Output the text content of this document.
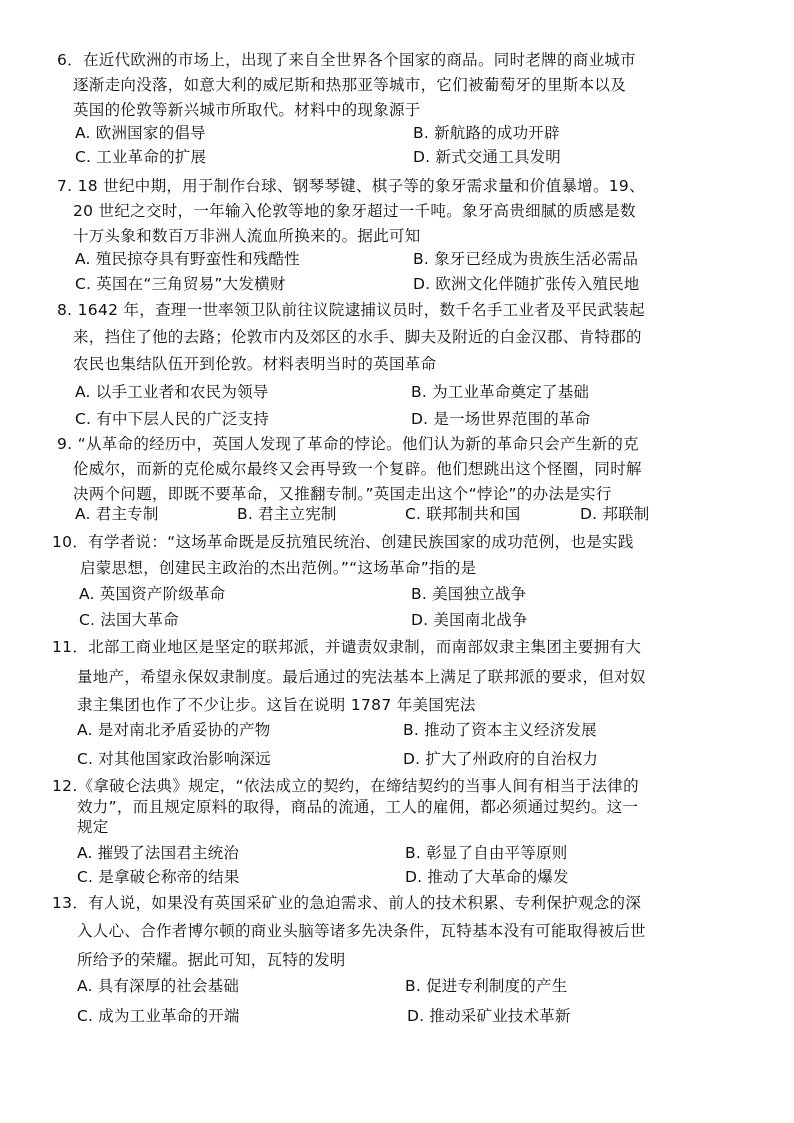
6．在近代欧洲的市场上，出现了来自全世界各个国家的商品。同时老牌的商业城市
逐渐走向没落，如意大利的威尼斯和热那亚等城市，它们被葡萄牙的里斯本以及
英国的伦敦等新兴城市所取代。材料中的现象源于
A. 欧洲国家的倡导	B. 新航路的成功开辟
C. 工业革命的扩展	D. 新式交通工具发明
7. 18 世纪中期，用于制作台球、钢琴琴键、棋子等的象牙需求量和价值暴增。19、
20 世纪之交时，一年输入伦敦等地的象牙超过一千吨。象牙高贵细腻的质感是数
十万头象和数百万非洲人流血所换来的。据此可知
A. 殖民掠夺具有野蛮性和残酷性	B. 象牙已经成为贵族生活必需品
C. 英国在“三角贸易”大发横财	D. 欧洲文化伴随扩张传入殖民地
8. 1642 年，查理一世率领卫队前往议院逮捕议员时，数千名手工业者及平民武装起
来，挡住了他的去路；伦敦市内及郊区的水手、脚夫及附近的白金汉郡、肯特郡的
农民也集结队伍开到伦敦。材料表明当时的英国革命
A. 以手工业者和农民为领导	B. 为工业革命奠定了基础
C. 有中下层人民的广泛支持	D. 是一场世界范围的革命
9. “从革命的经历中，英国人发现了革命的悖论。他们认为新的革命只会产生新的克
伦威尔，而新的克伦威尔最终又会再导致一个复辟。他们想跳出这个怪圈，同时解
决两个问题，即既不要革命，又推翻专制。”英国走出这个“悖论”的办法是实行
A. 君主专制	B. 君主立宪制	C. 联邦制共和国	D. 邦联制
10．有学者说：“这场革命既是反抗殖民统治、创建民族国家的成功范例，也是实践
启蒙思想，创建民主政治的杰出范例。”“这场革命”指的是
A. 英国资产阶级革命	B. 美国独立战争
C. 法国大革命	D. 美国南北战争
11．北部工商业地区是坚定的联邦派，并谴责奴隶制，而南部奴隶主集团主要拥有大
量地产，希望永保奴隶制度。最后通过的宪法基本上满足了联邦派的要求，但对奴
隶主集团也作了不少让步。这旨在说明 1787 年美国宪法
A. 是对南北矛盾妥协的产物	B. 推动了资本主义经济发展
C. 对其他国家政治影响深远	D. 扩大了州政府的自治权力
12.《拿破仑法典》规定，“依法成立的契约，在缔结契约的当事人间有相当于法律的
效力”，而且规定原料的取得，商品的流通，工人的雇佣，都必须通过契约。这一
规定
A. 摧毁了法国君主统治	B. 彰显了自由平等原则
C. 是拿破仑称帝的结果	D. 推动了大革命的爆发
13．有人说，如果没有英国采矿业的急迫需求、前人的技术积累、专利保护观念的深
入人心、合作者博尔顿的商业头脑等诸多先决条件，瓦特基本没有可能取得被后世
所给予的荣耀。据此可知，瓦特的发明
A. 具有深厚的社会基础	B. 促进专利制度的产生
C. 成为工业革命的开端	D. 推动采矿业技术革新
